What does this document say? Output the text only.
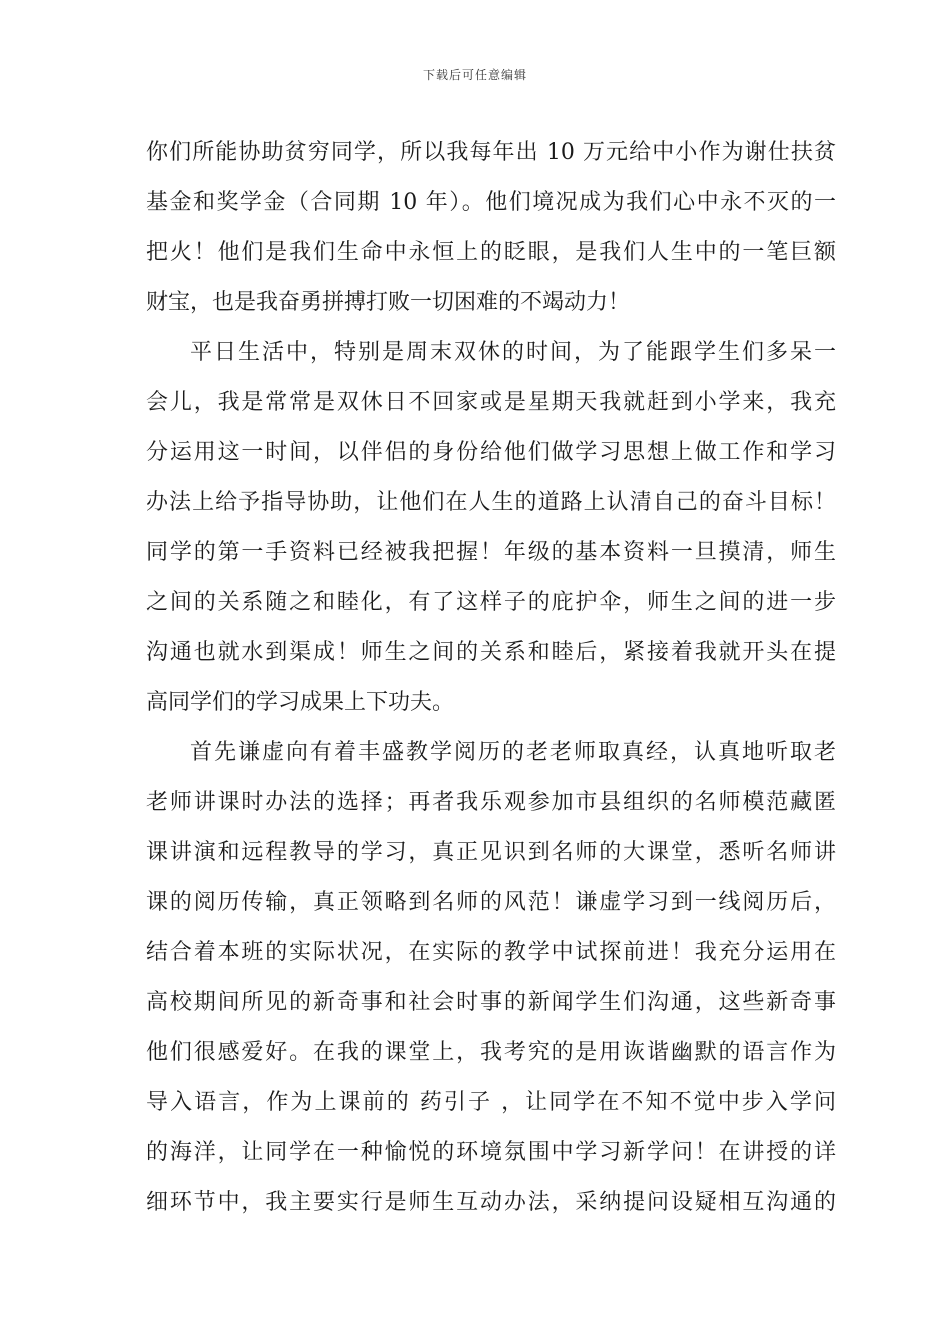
下载后可任意编辑
你们所能协助贫穷同学，所以我每年出 10 万元给中小作为谢仕扶贫
基金和奖学金（合同期 10 年）。他们境况成为我们心中永不灭的一
把火！他们是我们生命中永恒上的眨眼，是我们人生中的一笔巨额
财宝，也是我奋勇拼搏打败一切困难的不竭动力！
平日生活中，特别是周末双休的时间，为了能跟学生们多呆一
会儿，我是常常是双休日不回家或是星期天我就赶到小学来，我充
分运用这一时间，以伴侣的身份给他们做学习思想上做工作和学习
办法上给予指导协助，让他们在人生的道路上认清自己的奋斗目标！
同学的第一手资料已经被我把握！年级的基本资料一旦摸清，师生
之间的关系随之和睦化，有了这样子的庇护伞，师生之间的进一步
沟通也就水到渠成！师生之间的关系和睦后，紧接着我就开头在提
高同学们的学习成果上下功夫。
首先谦虚向有着丰盛教学阅历的老老师取真经，认真地听取老
老师讲课时办法的选择；再者我乐观参加市县组织的名师模范藏匿
课讲演和远程教导的学习，真正见识到名师的大课堂，悉听名师讲
课的阅历传输，真正领略到名师的风范！谦虚学习到一线阅历后，
结合着本班的实际状况，在实际的教学中试探前进！我充分运用在
高校期间所见的新奇事和社会时事的新闻学生们沟通，这些新奇事
他们很感爱好。在我的课堂上，我考究的是用诙谐幽默的语言作为
导入语言，作为上课前的 药引子 ，让同学在不知不觉中步入学问
的海洋，让同学在一种愉悦的环境氛围中学习新学问！在讲授的详
细环节中，我主要实行是师生互动办法，采纳提问设疑相互沟通的
